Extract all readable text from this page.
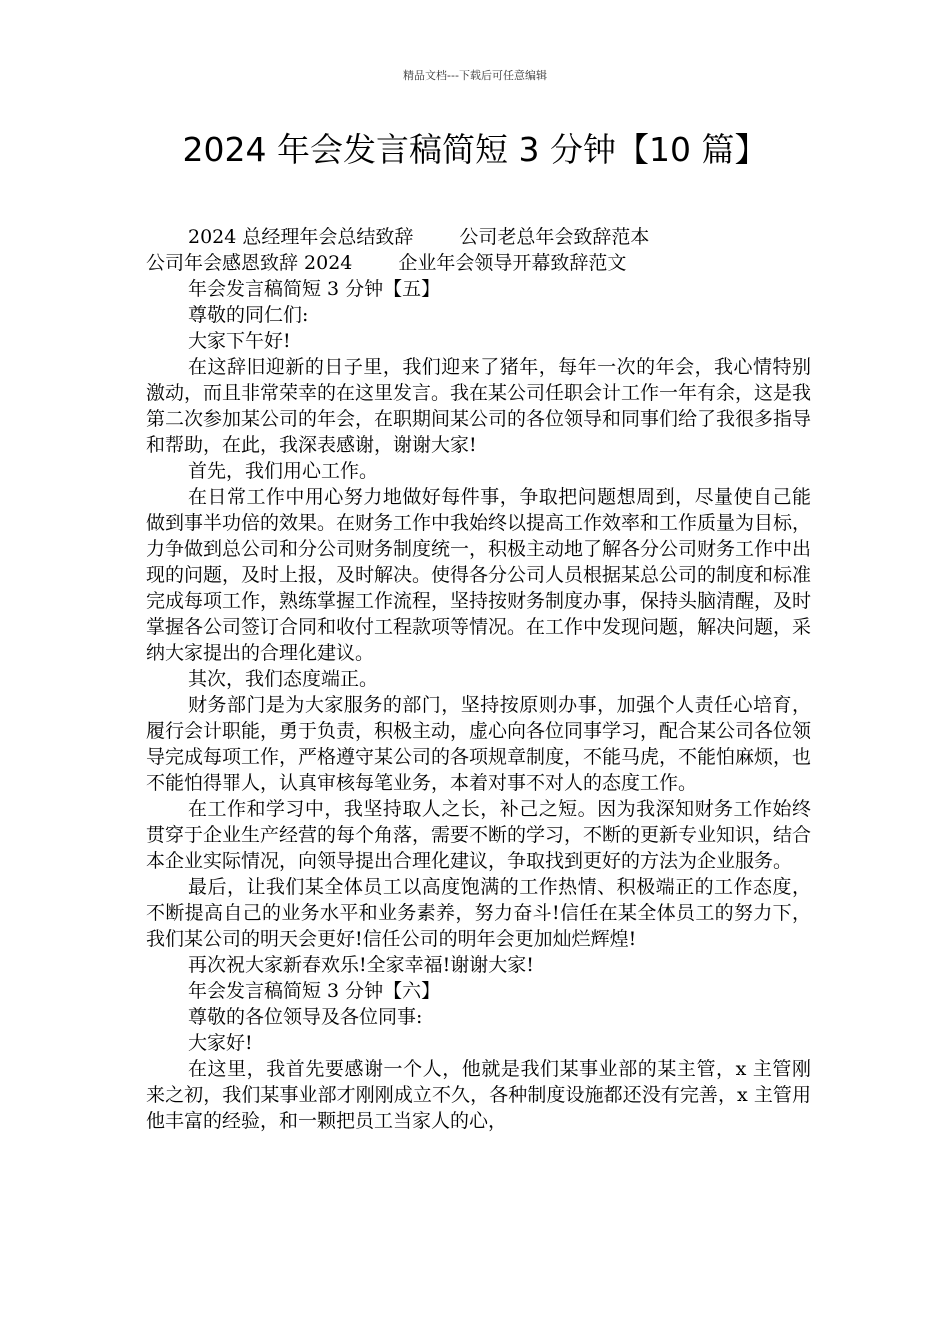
精品文档---下载后可任意编辑
2024 年会发言稿简短 3 分钟【10 篇】

2024 总经理年会总结致辞 公司老总年会致辞范本公司年会感恩致辞 2024 企业年会领导开幕致辞范文

年会发言稿简短 3 分钟【五】

尊敬的同仁们:

大家下午好!

在这辞旧迎新的日子里，我们迎来了猪年，每年一次的年会，我心情特别激动，而且非常荣幸的在这里发言。我在某公司任职会计工作一年有余，这是我第二次参加某公司的年会，在职期间某公司的各位领导和同事们给了我很多指导和帮助，在此，我深表感谢，谢谢大家!

首先，我们用心工作。

在日常工作中用心努力地做好每件事，争取把问题想周到，尽量使自己能做到事半功倍的效果。在财务工作中我始终以提高工作效率和工作质量为目标，力争做到总公司和分公司财务制度统一，积极主动地了解各分公司财务工作中出现的问题，及时上报，及时解决。使得各分公司人员根据某总公司的制度和标准完成每项工作，熟练掌握工作流程，坚持按财务制度办事，保持头脑清醒，及时掌握各公司签订合同和收付工程款项等情况。在工作中发现问题，解决问题，采纳大家提出的合理化建议。

其次，我们态度端正。

财务部门是为大家服务的部门，坚持按原则办事，加强个人责任心培育，履行会计职能，勇于负责，积极主动，虚心向各位同事学习，配合某公司各位领导完成每项工作，严格遵守某公司的各项规章制度，不能马虎，不能怕麻烦，也不能怕得罪人，认真审核每笔业务，本着对事不对人的态度工作。

在工作和学习中，我坚持取人之长，补己之短。因为我深知财务工作始终贯穿于企业生产经营的每个角落，需要不断的学习，不断的更新专业知识，结合本企业实际情况，向领导提出合理化建议，争取找到更好的方法为企业服务。

最后，让我们某全体员工以高度饱满的工作热情、积极端正的工作态度，不断提高自己的业务水平和业务素养，努力奋斗!信任在某全体员工的努力下，我们某公司的明天会更好!信任公司的明年会更加灿烂辉煌!

再次祝大家新春欢乐!全家幸福!谢谢大家!

年会发言稿简短 3 分钟【六】

尊敬的各位领导及各位同事:

大家好!

在这里，我首先要感谢一个人，他就是我们某事业部的某主管，x 主管刚来之初，我们某事业部才刚刚成立不久，各种制度设施都还没有完善，x 主管用他丰富的经验，和一颗把员工当家人的心，
